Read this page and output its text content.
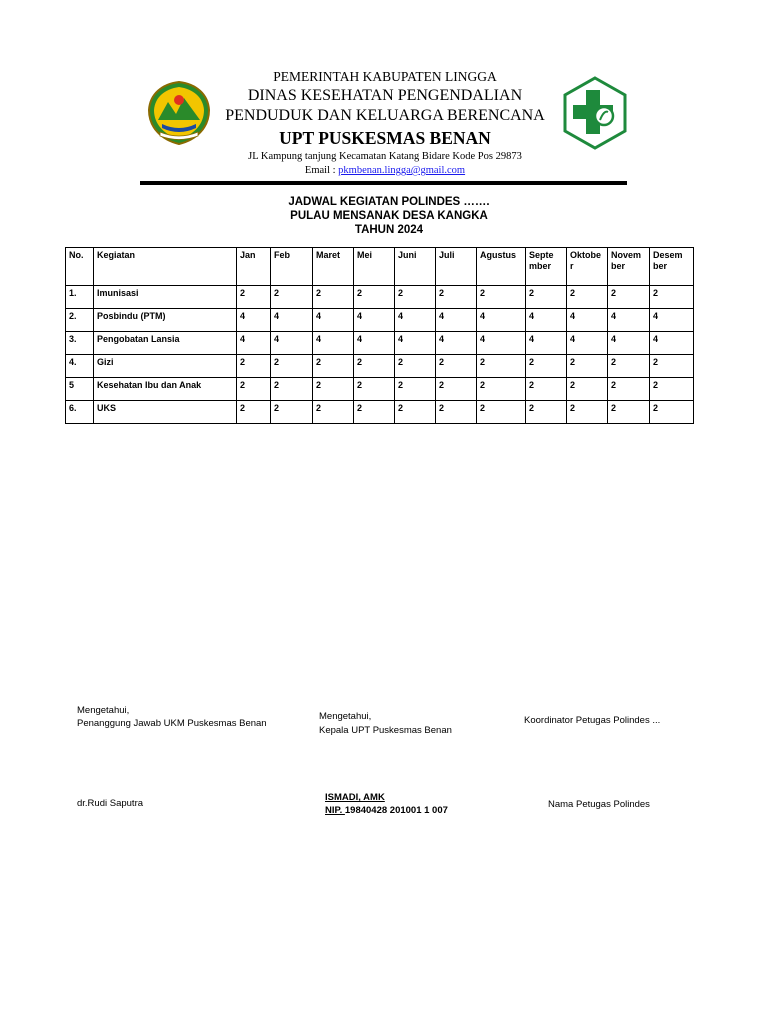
PEMERINTAH KABUPATEN LINGGA
DINAS KESEHATAN PENGENDALIAN
PENDUDUK DAN KELUARGA BERENCANA
UPT PUSKESMAS BENAN
JL Kampung tanjung Kecamatan Katang Bidare Kode Pos 29873
Email : pkmbenan.lingga@gmail.com
JADWAL KEGIATAN POLINDES …….
PULAU MENSANAK DESA KANGKA
TAHUN 2024
No.	Kegiatan	Jan	Feb	Maret	Mei	Juni	Juli	Agustus	Septe mber	Oktobe r	Novem ber	Desem ber
1.	Imunisasi	2	2	2	2	2	2	2	2	2	2	2
2.	Posbindu (PTM)	4	4	4	4	4	4	4	4	4	4	4
3.	Pengobatan Lansia	4	4	4	4	4	4	4	4	4	4	4
4.	Gizi	2	2	2	2	2	2	2	2	2	2	2
5	Kesehatan Ibu dan Anak	2	2	2	2	2	2	2	2	2	2	2
6.	UKS	2	2	2	2	2	2	2	2	2	2	2
Mengetahui,
Penanggung Jawab UKM Puskesmas Benan
dr.Rudi Saputra
Mengetahui,
Kepala UPT Puskesmas Benan
ISMADI, AMK
NIP. 19840428 201001 1 007
Koordinator Petugas Polindes ...
Nama Petugas Polindes
